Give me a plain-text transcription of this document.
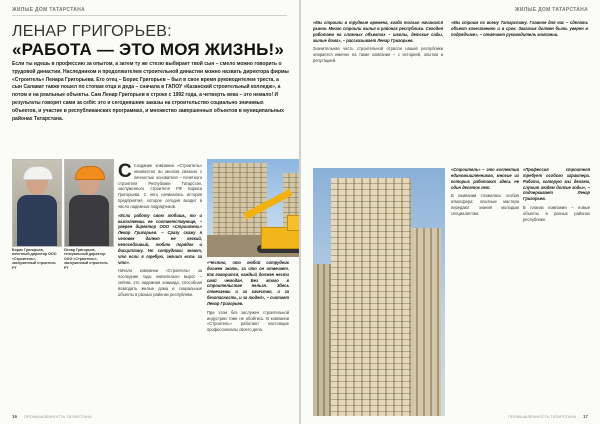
ЖИЛЫЕ ДОМ ТАТАРСТАНА
ЛЕНАР ГРИГОРЬЕВ:
«РАБОТА — ЭТО МОЯ ЖИЗНЬ!»

Если ты идешь в профессию за опытом, а затем ту же стезю выбирает твой сын – смело можно говорить о трудовой династии. Наследником и продолжателем строительной династии можно назвать директора фирмы «Строитель» Ленара Григорьева. Его отец – Борис Григорьев – был в свое время руководителем треста, а сын Салават также пошел по стопам отца и деда – сначала в ГАПОУ «Казанский строительный колледж», а потом и на реальные объекты. Сам Ленар Григорьев в строке с 1992 года, а четверть века – это немало! И результаты говорят сами за себя: это и сегодняшние заказы на строительство социально значимых объектов, и участие в республиканских программах, и множество завершенных объектов в муниципальных районах Татарстана.

Борис Григорьев, почетный директор ООО «Строитель», заслуженный строитель РТ
Ленар Григорьев, генеральный директор ООО «Строитель», заслуженный строитель РТ

С Создание компании «Строитель» неизвестно во многом связано с личностью основателя – почетного строителя Республики Татарстан, заслуженного строителя РФ Бориса Григорьева. С него начиналась история предприятия, которое сегодня входит в число надежных подрядчиков.

«Если работу свою любишь, то и выполняешь ее соответствующе, – уверен директор ООО «Строитель» Ленар Григорьев. – Сразу скажу я человек далеко не легкий, непоседливый, люблю порядок и дисциплину. Но сотрудники знают, что если я требую, значит есть за что».

Начало компании «Строитель» за последние годы значительно вырос – сейчас это надежная команда, способная возводить жилые дома и социальные объекты в разных районах республики.

«Честно, что любой сотрудник должен знать, за что он отвечает. Как говорится, каждый должен нести свой чемодан. Без этого в строительстве нельзя. Здесь отвечаешь и за качество, и за безопасность, и за людей», – считает Ленар Григорьев.

При этом без заслужен строительной индустрии тоже не обойтись. В компании «Строитель» работают настоящие профессионалы своего дела.

16 ПРОМЫШЛЕННОСТЬ ТАТАРСТАНА
ЖИЛЫЕ ДОМ ТАТАРСТАНА

«Мы строили в трудные времена, когда только начинался рынок. Много строили жилья в районах республики. Сегодня работаем на сложных объектах – школы, детские сады, жилые дома», – рассказывает Ленар Григорьев.

Значительная часть строительной отрасли нашей республики опирается именно на такие компании – с историей, опытом и репутацией.

«Мы строим по всему Татарстану. Главное для нас – сделать объект качественно и в срок. Заказчик должен быть уверен в подрядчике», – отмечает руководитель компании.

«Строитель» – это коллектив единомышленников, многие из которых работают здесь не один десяток лет.

В компании сложилась особая атмосфера: опытные мастера передают знания молодым специалистам.

«Профессия строителя требует особого характера. Работа, которую мы делаем, служит людям долгие годы», – подчеркивает Ленар Григорьев.

В планах компании – новые объекты в разных районах республики.

17
ПРОМЫШЛЕННОСТЬ ТАТАРСТАНА
